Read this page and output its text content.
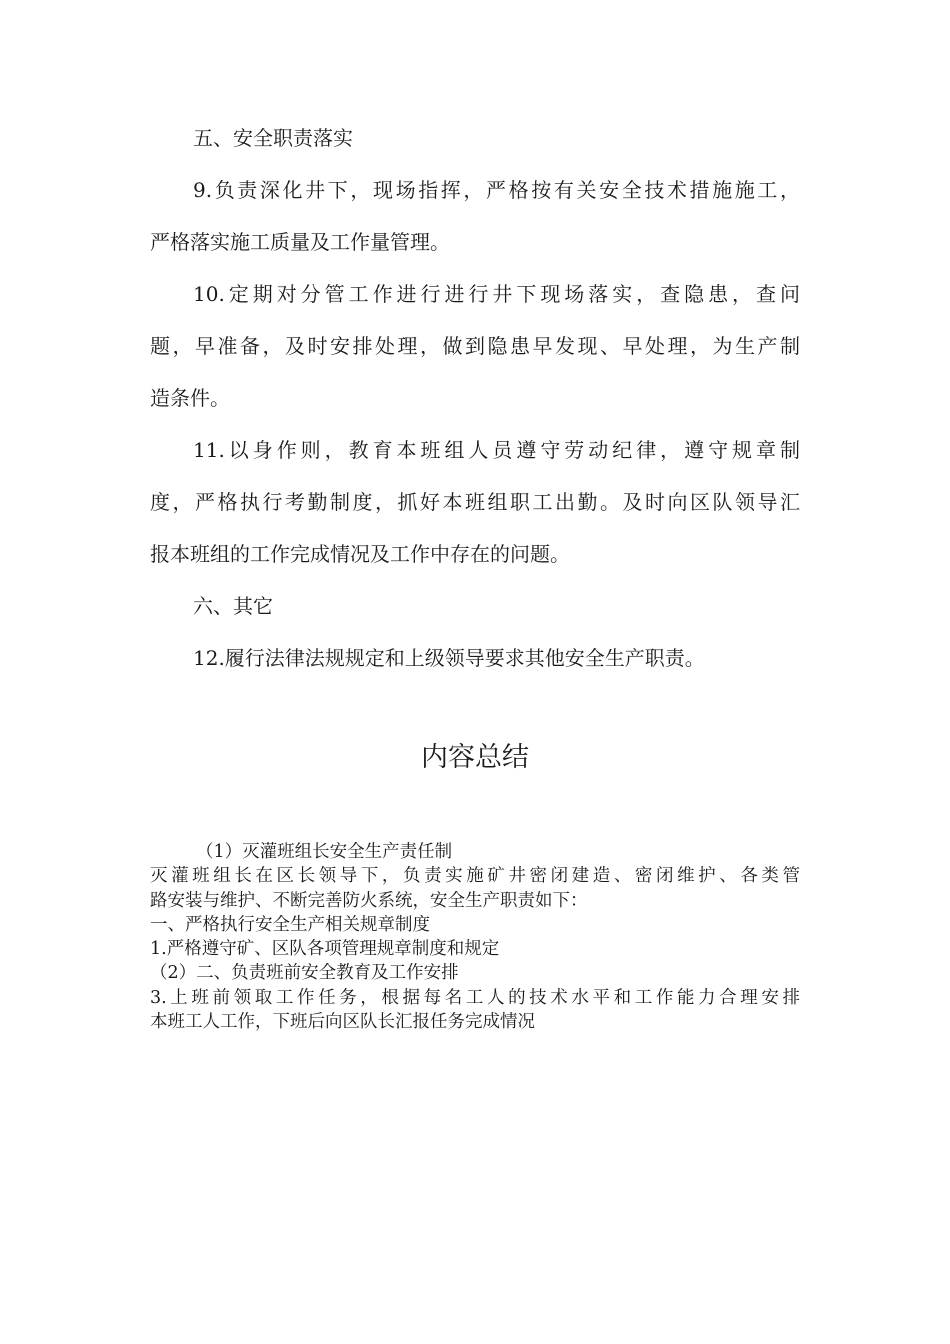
五、安全职责落实
9.负责深化井下，现场指挥，严格按有关安全技术措施施工，
严格落实施工质量及工作量管理。
10.定期对分管工作进行进行井下现场落实，查隐患，查问
题，早准备，及时安排处理，做到隐患早发现、早处理，为生产制
造条件。
11.以身作则，教育本班组人员遵守劳动纪律，遵守规章制
度，严格执行考勤制度，抓好本班组职工出勤。及时向区队领导汇
报本班组的工作完成情况及工作中存在的问题。
六、其它
12.履行法律法规规定和上级领导要求其他安全生产职责。
内容总结
（1）灭灌班组长安全生产责任制
灭灌班组长在区长领导下，负责实施矿井密闭建造、密闭维护、各类管
路安装与维护、不断完善防火系统，安全生产职责如下：
一、严格执行安全生产相关规章制度
1.严格遵守矿、区队各项管理规章制度和规定
（2）二、负责班前安全教育及工作安排
3.上班前领取工作任务，根据每名工人的技术水平和工作能力合理安排
本班工人工作，下班后向区队长汇报任务完成情况
